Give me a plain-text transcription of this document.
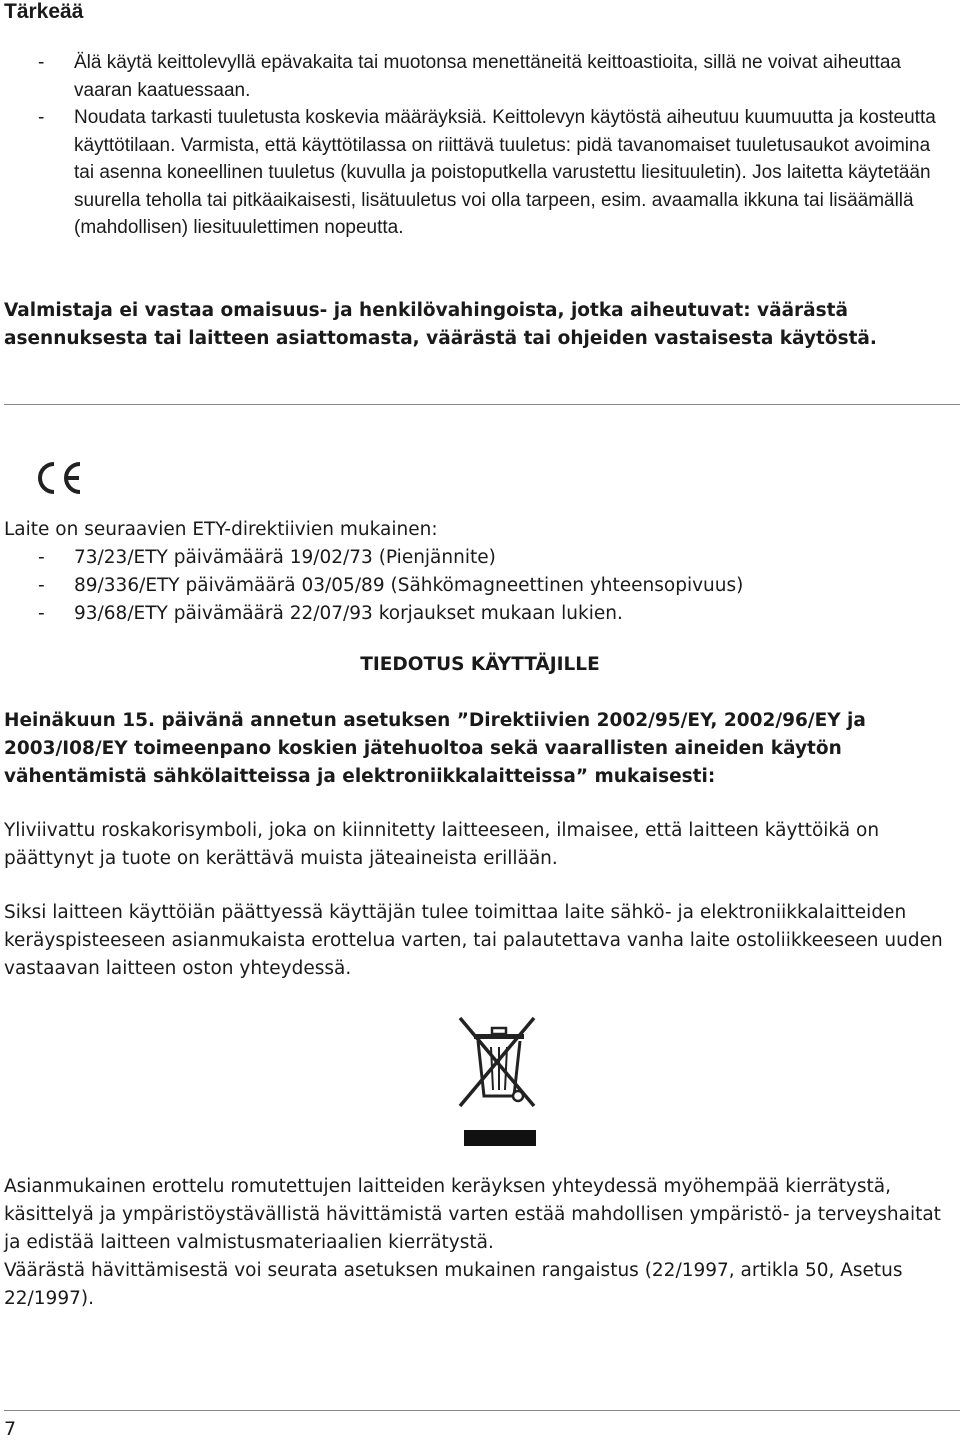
Tärkeää
- Älä käytä keittolevyllä epävakaita tai muotonsa menettäneitä keittoastioita, sillä ne voivat aiheuttaa vaaran kaatuessaan.
- Noudata tarkasti tuuletusta koskevia määräyksiä. Keittolevyn käytöstä aiheutuu kuumuutta ja kosteutta käyttötilaan. Varmista, että käyttötilassa on riittävä tuuletus: pidä tavanomaiset tuuletusaukot avoimina tai asenna koneellinen tuuletus (kuvulla ja poistoputkella varustettu liesituuletin). Jos laitetta käytetään suurella teholla tai pitkäaikaisesti, lisätuuletus voi olla tarpeen, esim. avaamalla ikkuna tai lisäämällä (mahdollisen) liesituulettimen nopeutta.
Valmistaja ei vastaa omaisuus- ja henkilövahingoista, jotka aiheutuvat: väärästä asennuksesta tai laitteen asiattomasta, väärästä tai ohjeiden vastaisesta käytöstä.
Laite on seuraavien ETY-direktiivien mukainen:
- 73/23/ETY päivämäärä 19/02/73 (Pienjännite)
- 89/336/ETY päivämäärä 03/05/89 (Sähkömagneettinen yhteensopivuus)
- 93/68/ETY päivämäärä 22/07/93 korjaukset mukaan lukien.
TIEDOTUS KÄYTTÄJILLE
Heinäkuun 15. päivänä annetun asetuksen ”Direktiivien 2002/95/EY, 2002/96/EY ja 2003/I08/EY toimeenpano koskien jätehuoltoa sekä vaarallisten aineiden käytön vähentämistä sähkölaitteissa ja elektroniikkalaitteissa” mukaisesti:
Yliviivattu roskakorisymboli, joka on kiinnitetty laitteeseen, ilmaisee, että laitteen käyttöikä on päättynyt ja tuote on kerättävä muista jäteaineista erillään.
Siksi laitteen käyttöiän päättyessä käyttäjän tulee toimittaa laite sähkö- ja elektroniikkalaitteiden keräyspisteeseen asianmukaista erottelua varten, tai palautettava vanha laite ostoliikkeeseen uuden vastaavan laitteen oston yhteydessä.
Asianmukainen erottelu romutettujen laitteiden keräyksen yhteydessä myöhempää kierrätystä, käsittelyä ja ympäristöystävällistä hävittämistä varten estää mahdollisen ympäristö- ja terveyshaitat ja edistää laitteen valmistusmateriaalien kierrätystä.
Väärästä hävittämisestä voi seurata asetuksen mukainen rangaistus (22/1997, artikla 50, Asetus 22/1997).
7
